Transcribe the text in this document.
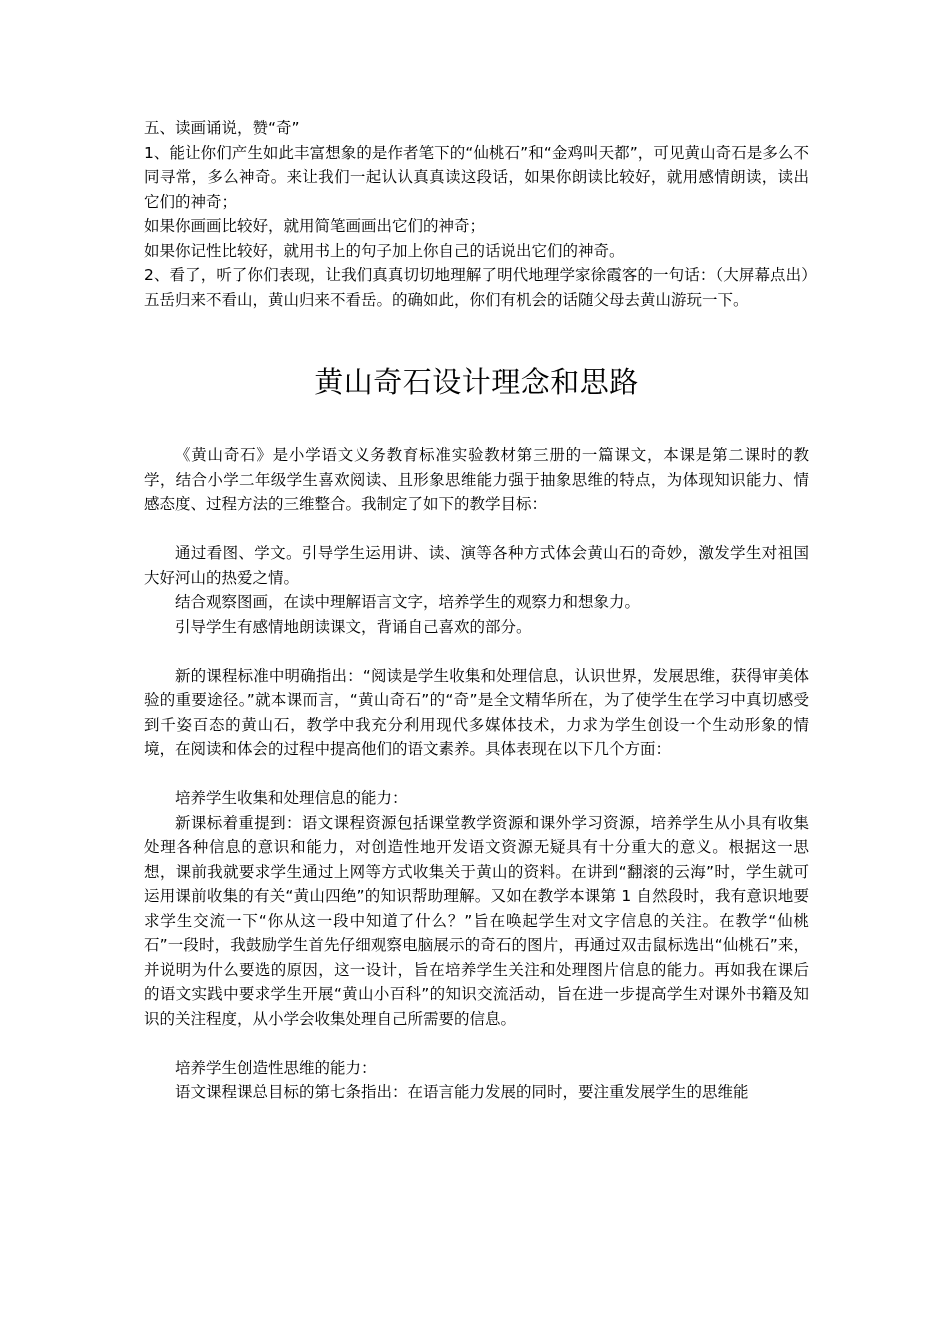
五、读画诵说，赞“奇”

1、能让你们产生如此丰富想象的是作者笔下的“仙桃石”和“金鸡叫天都”，可见黄山奇石是多么不同寻常，多么神奇。来让我们一起认认真真读这段话，如果你朗读比较好，就用感情朗读，读出它们的神奇；

如果你画画比较好，就用简笔画画出它们的神奇；

如果你记性比较好，就用书上的句子加上你自己的话说出它们的神奇。

2、看了，听了你们表现，让我们真真切切地理解了明代地理学家徐霞客的一句话：（大屏幕点出）五岳归来不看山，黄山归来不看岳。的确如此，你们有机会的话随父母去黄山游玩一下。

黄山奇石设计理念和思路

《黄山奇石》是小学语文义务教育标准实验教材第三册的一篇课文，本课是第二课时的教学，结合小学二年级学生喜欢阅读、且形象思维能力强于抽象思维的特点，为体现知识能力、情感态度、过程方法的三维整合。我制定了如下的教学目标：

通过看图、学文。引导学生运用讲、读、演等各种方式体会黄山石的奇妙，激发学生对祖国大好河山的热爱之情。

结合观察图画，在读中理解语言文字，培养学生的观察力和想象力。

引导学生有感情地朗读课文，背诵自己喜欢的部分。

新的课程标准中明确指出：“阅读是学生收集和处理信息，认识世界，发展思维，获得审美体验的重要途径。”就本课而言，“黄山奇石”的“奇”是全文精华所在，为了使学生在学习中真切感受到千姿百态的黄山石，教学中我充分利用现代多媒体技术，力求为学生创设一个生动形象的情境，在阅读和体会的过程中提高他们的语文素养。具体表现在以下几个方面：

培养学生收集和处理信息的能力：

新课标着重提到：语文课程资源包括课堂教学资源和课外学习资源，培养学生从小具有收集处理各种信息的意识和能力，对创造性地开发语文资源无疑具有十分重大的意义。根据这一思想，课前我就要求学生通过上网等方式收集关于黄山的资料。在讲到“翻滚的云海”时，学生就可运用课前收集的有关“黄山四绝”的知识帮助理解。又如在教学本课第 1 自然段时，我有意识地要求学生交流一下“你从这一段中知道了什么？”旨在唤起学生对文字信息的关注。在教学“仙桃石”一段时，我鼓励学生首先仔细观察电脑展示的奇石的图片，再通过双击鼠标选出“仙桃石”来，并说明为什么要选的原因，这一设计，旨在培养学生关注和处理图片信息的能力。再如我在课后的语文实践中要求学生开展“黄山小百科”的知识交流活动，旨在进一步提高学生对课外书籍及知识的关注程度，从小学会收集处理自己所需要的信息。

培养学生创造性思维的能力：

语文课程课总目标的第七条指出：在语言能力发展的同时，要注重发展学生的思维能
